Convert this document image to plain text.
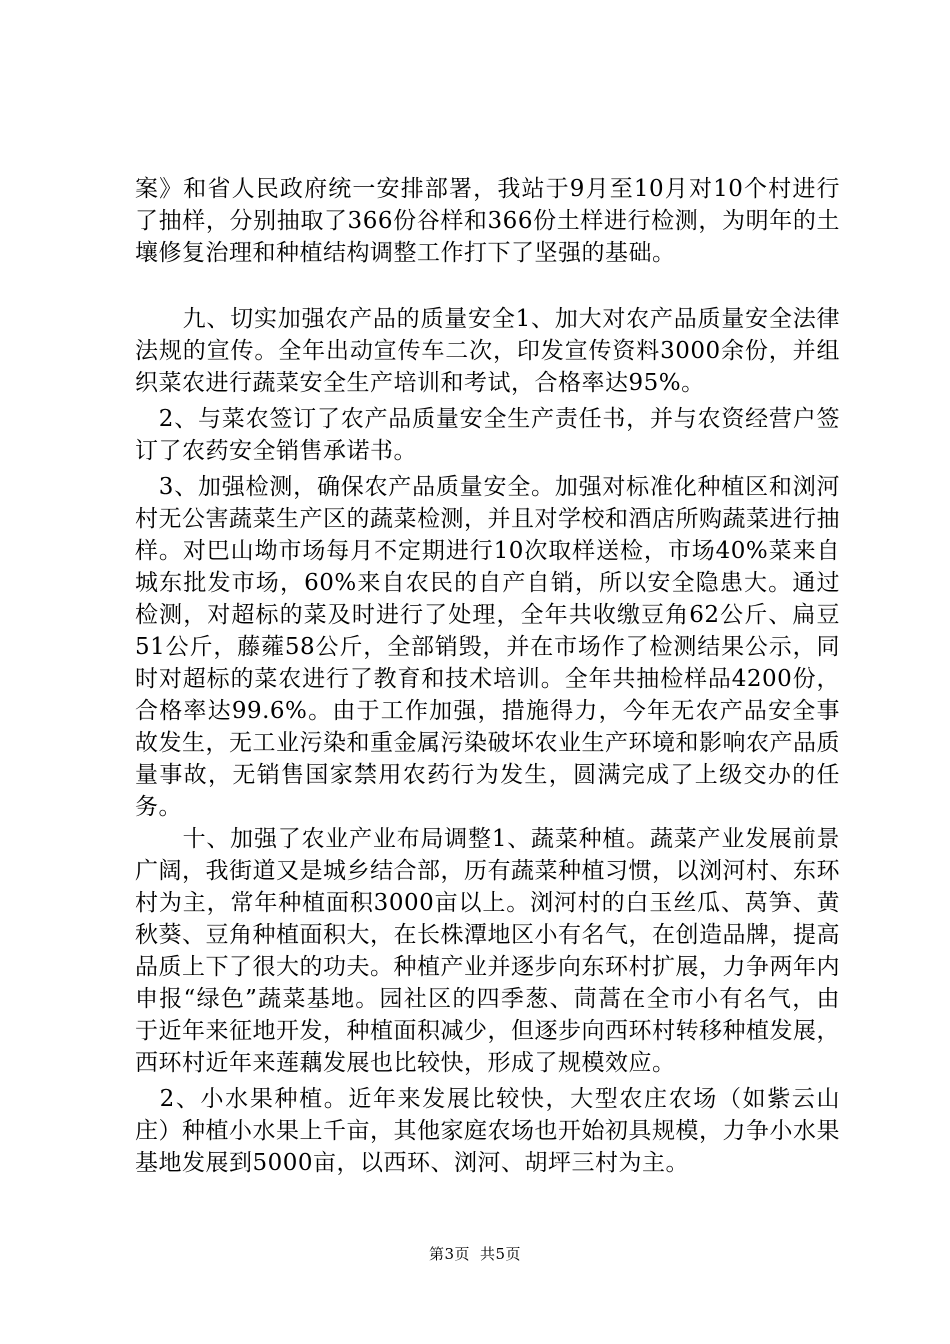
案》和省人民政府统一安排部署，我站于9月至10月对10个村进行了抽样，分别抽取了366份谷样和366份土样进行检测，为明年的土壤修复治理和种植结构调整工作打下了坚强的基础。

　　九、切实加强农产品的质量安全1、加大对农产品质量安全法律法规的宣传。全年出动宣传车二次，印发宣传资料3000余份，并组织菜农进行蔬菜安全生产培训和考试，合格率达95%。

　2、与菜农签订了农产品质量安全生产责任书，并与农资经营户签订了农药安全销售承诺书。

　3、加强检测，确保农产品质量安全。加强对标准化种植区和浏河村无公害蔬菜生产区的蔬菜检测，并且对学校和酒店所购蔬菜进行抽样。对巴山坳市场每月不定期进行10次取样送检，市场40%菜来自城东批发市场，60%来自农民的自产自销，所以安全隐患大。通过检测，对超标的菜及时进行了处理，全年共收缴豆角62公斤、扁豆51公斤，藤蕹58公斤，全部销毁，并在市场作了检测结果公示，同时对超标的菜农进行了教育和技术培训。全年共抽检样品4200份，合格率达99.6%。由于工作加强，措施得力，今年无农产品安全事故发生，无工业污染和重金属污染破坏农业生产环境和影响农产品质量事故，无销售国家禁用农药行为发生，圆满完成了上级交办的任务。

　　十、加强了农业产业布局调整1、蔬菜种植。蔬菜产业发展前景广阔，我街道又是城乡结合部，历有蔬菜种植习惯，以浏河村、东环村为主，常年种植面积3000亩以上。浏河村的白玉丝瓜、莴笋、黄秋葵、豆角种植面积大，在长株潭地区小有名气，在创造品牌，提高品质上下了很大的功夫。种植产业并逐步向东环村扩展，力争两年内申报“绿色”蔬菜基地。园社区的四季葱、茼蒿在全市小有名气，由于近年来征地开发，种植面积减少，但逐步向西环村转移种植发展，西环村近年来莲藕发展也比较快，形成了规模效应。

　2、小水果种植。近年来发展比较快，大型农庄农场（如紫云山庄）种植小水果上千亩，其他家庭农场也开始初具规模，力争小水果基地发展到5000亩，以西环、浏河、胡坪三村为主。

第3页 共5页
